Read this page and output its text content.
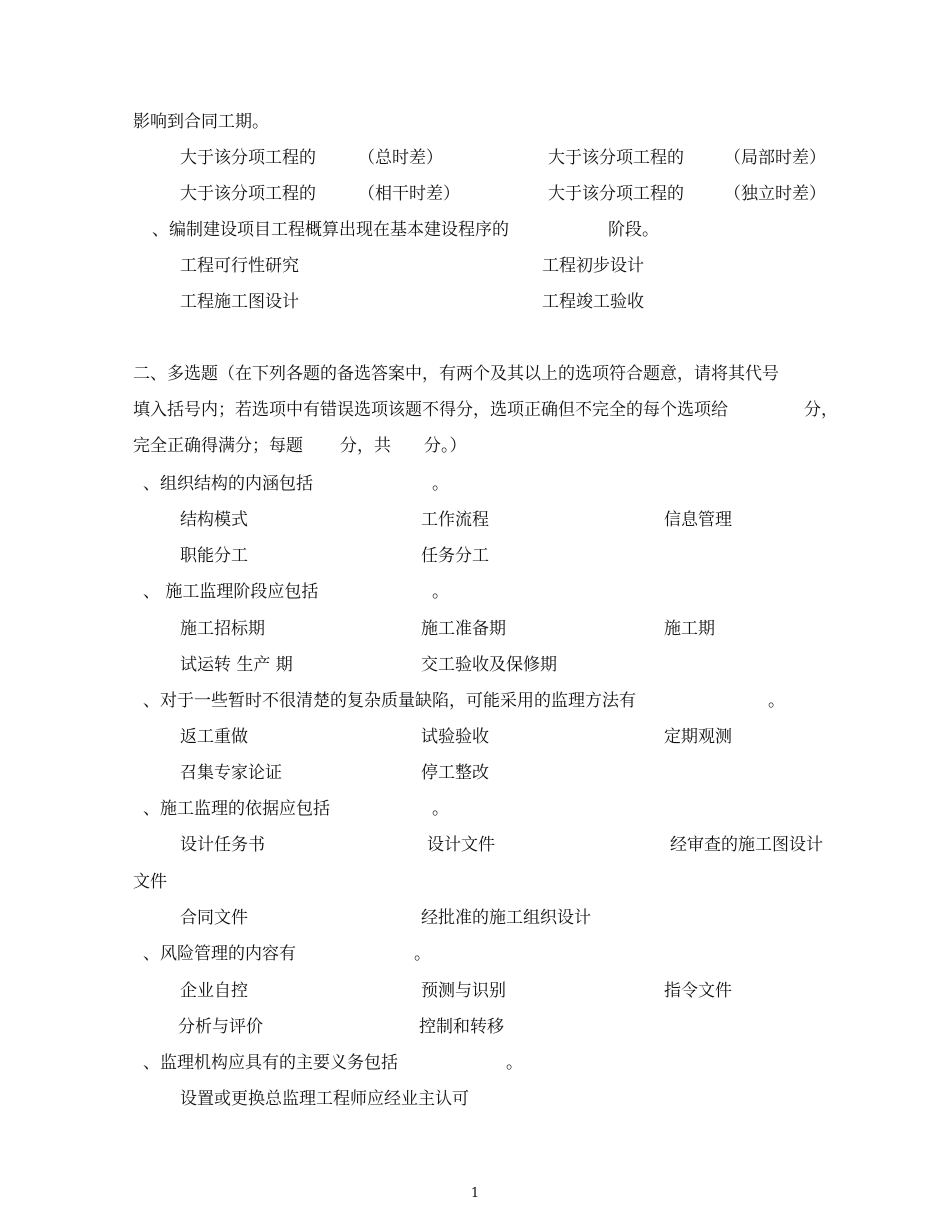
影响到合同工期。
大于该分项工程的 （总时差）	大于该分项工程的 （局部时差）
大于该分项工程的 （相干时差）	大于该分项工程的 （独立时差）
、编制建设项目工程概算出现在基本建设程序的	阶段。
工程可行性研究	工程初步设计
工程施工图设计	工程竣工验收
二、多选题（在下列各题的备选答案中，有两个及其以上的选项符合题意，请将其代号
填入括号内；若选项中有错误选项该题不得分，选项正确但不完全的每个选项给	分，
完全正确得满分；每题 分，共 分。）
、组织结构的内涵包括	。
结构模式	工作流程	信息管理
职能分工	任务分工
、 施工监理阶段应包括	。
施工招标期	施工准备期	施工期
试运转 生产 期	交工验收及保修期
、对于一些暂时不很清楚的复杂质量缺陷，可能采用的监理方法有	。
返工重做	试验验收	定期观测
召集专家论证	停工整改
、施工监理的依据应包括	。
设计任务书	设计文件	经审查的施工图设计
文件
合同文件	经批准的施工组织设计
、风险管理的内容有	。
企业自控	预测与识别	指令文件
分析与评价	控制和转移
、监理机构应具有的主要义务包括	。
设置或更换总监理工程师应经业主认可
1
